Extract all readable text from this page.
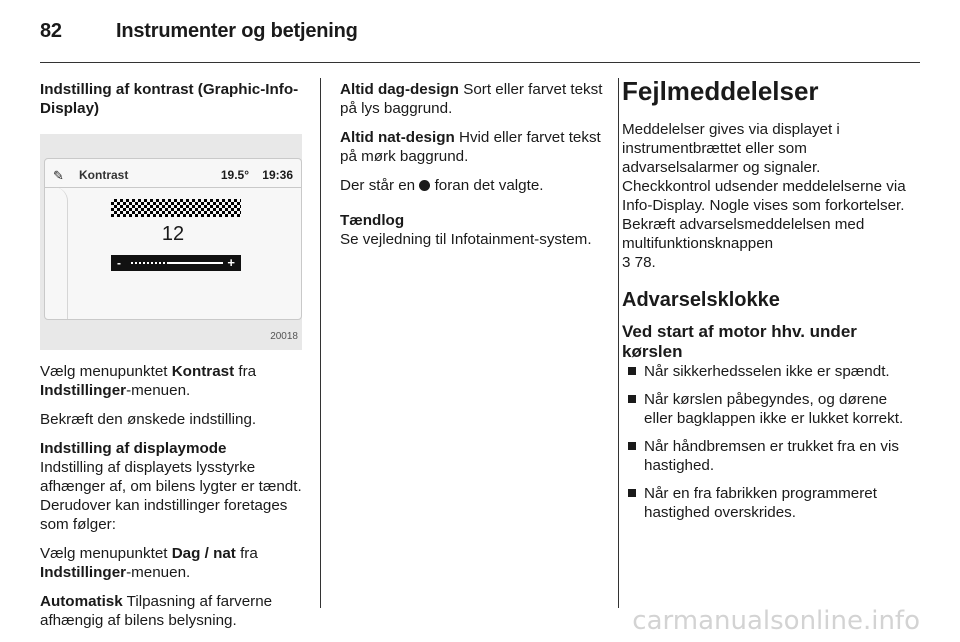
82	Instrumenter og betjening

Indstilling af kontrast (Graphic-Info-Display)

✎ Kontrast	19.5° 19:36
12
-	+
20018

Vælg menupunktet Kontrast fra
Indstillinger-menuen.

Bekræft den ønskede indstilling.

Indstilling af displaymode

Indstilling af displayets lysstyrke afhænger af, om bilens lygter er tændt. Derudover kan indstillinger foretages som følger:

Vælg menupunktet Dag / nat fra
Indstillinger-menuen.

Automatisk Tilpasning af farverne afhængig af bilens belysning.

Altid dag-design Sort eller farvet tekst på lys baggrund.

Altid nat-design Hvid eller farvet tekst på mørk baggrund.

Der står en  foran det valgte.

Tændlog

Se vejledning til Infotainment-system.

Fejlmeddelelser

Meddelelser gives via displayet i instrumentbrættet eller som advarselsalarmer og signaler. Checkkontrol udsender meddelelserne via Info-Display. Nogle vises som forkortelser. Bekræft advarselsmeddelelsen med multifunktionsknappen

3 78.

Advarselsklokke
Ved start af motor hhv. under kørslen
Når sikkerhedsselen ikke er spændt.
Når kørslen påbegyndes, og dørene eller bagklappen ikke er lukket korrekt.
Når håndbremsen er trukket fra en vis hastighed.
Når en fra fabrikken programmeret hastighed overskrides.
carmanualsonline.info
